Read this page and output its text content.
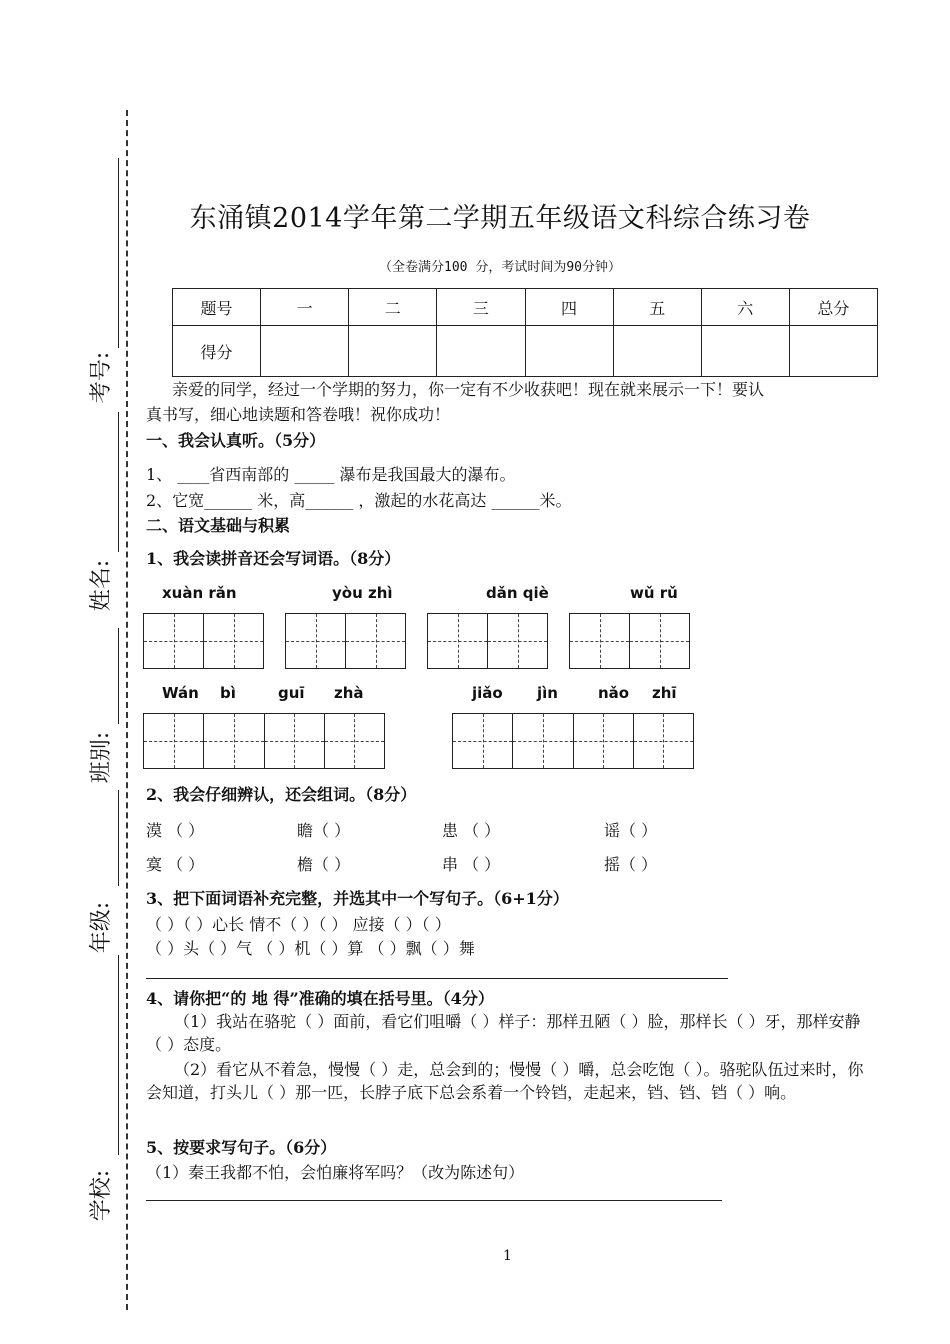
考号:
姓名:
班别:
年级:
学校:
东涌镇2014学年第二学期五年级语文科综合练习卷
（全卷满分100 分，考试时间为90分钟）
题号	一	二	三	四	五	六	总分
得分							
亲爱的同学，经过一个学期的努力，你一定有不少收获吧！现在就来展示一下！要认
真书写，细心地读题和答卷哦！祝你成功！
一、我会认真听。（5分）
1、 ____省西南部的 _____ 瀑布是我国最大的瀑布。
2、它宽______ 米，高______ ，激起的水花高达 ______米。
二、语文基础与积累
1、我会读拼音还会写词语。（8分）
xuàn rǎn	yòu zhì	dǎn qiè	wǔ rǔ
Wán bì	guī zhà	jiǎo jìn	nǎo zhī
2、我会仔细辨认，还会组词。（8分）
漠 （ ）	瞻（ ）	患 （ ）	谣（ ）
寞 （ ）	檐（ ）	串 （ ）	摇（ ）
3、把下面词语补充完整，并选其中一个写句子。（6+1分）
（ ）（ ）心长 情不（ ）（ ） 应接（ ）（ ）
（ ）头（ ）气 （ ）机（ ）算 （ ）飘（ ）舞
4、请你把“的 地 得”准确的填在括号里。（4分）
（1）我站在骆驼（ ）面前，看它们咀嚼（ ）样子：那样丑陋（ ）脸，那样长（ ）牙，那样安静（ ）态度。
（2）看它从不着急，慢慢（ ）走，总会到的；慢慢（ ）嚼，总会吃饱（ ）。骆驼队伍过来时，你会知道，打头儿（ ）那一匹，长脖子底下总会系着一个铃铛，走起来，铛、铛、铛（ ）响。
5、按要求写句子。（6分）
（1）秦王我都不怕，会怕廉将军吗？（改为陈述句）
1
